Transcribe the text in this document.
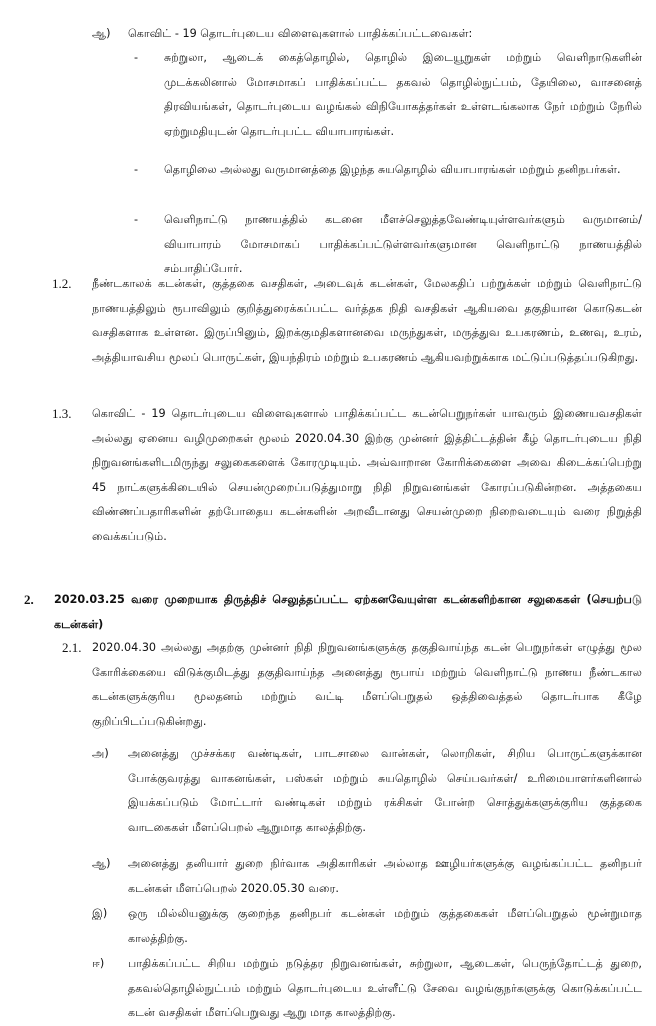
ஆ) கொவிட் - 19 தொடர்புடைய விளைவுகளால் பாதிக்கப்பட்டவைகள்:
- சுற்றுலா, ஆடைக் கைத்தொழில், தொழில் இடையூறுகள் மற்றும் வெளிநாடுகளின் முடக்கலினால் மோசமாகப் பாதிக்கப்பட்ட தகவல் தொழில்நுட்பம், தேயிலை, வாசனைத் திரவியங்கள், தொடர்புடைய வழங்கல் விநியோகத்தர்கள் உள்ளடங்கலாக நேர் மற்றும் நேரில் ஏற்றுமதியுடன் தொடர்புபட்ட வியாபாரங்கள்.
- தொழிலை அல்லது வருமானத்தை இழந்த சுயதொழில் வியாபாரங்கள் மற்றும் தனிநபர்கள்.
- வெளிநாட்டு நாணயத்தில் கடனை மீளச்செலுத்தவேண்டியுள்ளவர்களும் வருமானம்/ வியாபாரம் மோசமாகப் பாதிக்கப்பட்டுள்ளவர்களுமான வெளிநாட்டு நாணயத்தில் சம்பாதிப்போர்.
1.2. நீண்டகாலக் கடன்கள், குத்தகை வசதிகள், அடைவுக் கடன்கள், மேலகதிப் பற்றுக்கள் மற்றும் வெளிநாட்டு நாணயத்திலும் ரூபாவிலும் குறித்துரைக்கப்பட்ட வர்த்தக நிதி வசதிகள் ஆகியவை தகுதியான கொடுகடன் வசதிகளாக உள்ளன. இருப்பினும், இறக்குமதிகளானவை மருந்துகள், மருத்துவ உபகரணம், உணவு, உரம், அத்தியாவசிய மூலப் பொருட்கள், இயந்திரம் மற்றும் உபகரணம் ஆகியவற்றுக்காக மட்டுப்படுத்தப்படுகிறது.
1.3. கொவிட் - 19 தொடர்புடைய விளைவுகளால் பாதிக்கப்பட்ட கடன்பெறுநர்கள் யாவரும் இணையவசதிகள் அல்லது ஏனைய வழிமுறைகள் மூலம் 2020.04.30 இற்கு முன்னர் இத்திட்டத்தின் கீழ் தொடர்புடைய நிதி நிறுவனங்களிடமிருந்து சலுகைகளைக் கோரமுடியும். அவ்வாறான கோரிக்கைளை அவை கிடைக்கப்பெற்று 45 நாட்களுக்கிடையில் செயன்முறைப்படுத்துமாறு நிதி நிறுவனங்கள் கோரப்படுகின்றன. அத்தகைய விண்ணப்பதாரிகளின் தற்போதைய கடன்களின் அறவீடானது செயன்முறை நிறைவடையும் வரை நிறுத்தி வைக்கப்படும்.
2. 2020.03.25 வரை முறையாக திருத்திச் செலுத்தப்பட்ட ஏற்கனவேயுள்ள கடன்களிற்கான சலுகைகள் (செயற்படு கடன்கள்)
2.1. 2020.04.30 அல்லது அதற்கு முன்னர் நிதி நிறுவனங்களுக்கு தகுதிவாய்ந்த கடன் பெறுநர்கள் எழுத்து மூல கோரிக்கையை விடுக்குமிடத்து தகுதிவாய்ந்த அனைத்து ரூபாய் மற்றும் வெளிநாட்டு நாணய நீண்டகால கடன்களுக்குரிய மூலதனம் மற்றும் வட்டி மீளப்பெறுதல் ஒத்திவைத்தல் தொடர்பாக கீழே குறிப்பிடப்படுகின்றது.
அ) அனைத்து முச்சக்கர வண்டிகள், பாடசாலை வான்கள், லொறிகள், சிறிய பொருட்களுக்கான போக்குவரத்து வாகனங்கள், பஸ்கள் மற்றும் சுயதொழில் செய்பவர்கள்/ உரிமையாளர்களினால் இயக்கப்படும் மோட்டார் வண்டிகள் மற்றும் ரக்சிகள் போன்ற சொத்துக்களுக்குரிய குத்தகை வாடகைகள் மீளப்பெறல் ஆறுமாத காலத்திற்கு.
ஆ) அனைத்து தனியார் துறை நிர்வாக அதிகாரிகள் அல்லாத ஊழியர்களுக்கு வழங்கப்பட்ட தனிநபர் கடன்கள் மீளப்பெறல் 2020.05.30 வரை.
இ) ஒரு மில்லியனுக்கு குறைந்த தனிநபர் கடன்கள் மற்றும் குத்தகைகள் மீளப்பெறுதல் மூன்றுமாத காலத்திற்கு.
ஈ) பாதிக்கப்பட்ட சிறிய மற்றும் நடுத்தர நிறுவனங்கள், சுற்றுலா, ஆடைகள், பெருந்தோட்டத் துறை, தகவல்தொழில்நுட்பம் மற்றும் தொடர்புடைய உள்ளீட்டு சேவை வழங்குநர்களுக்கு கொடுக்கப்பட்ட கடன் வசதிகள் மீளப்பெறுவது ஆறு மாத காலத்திற்கு.
